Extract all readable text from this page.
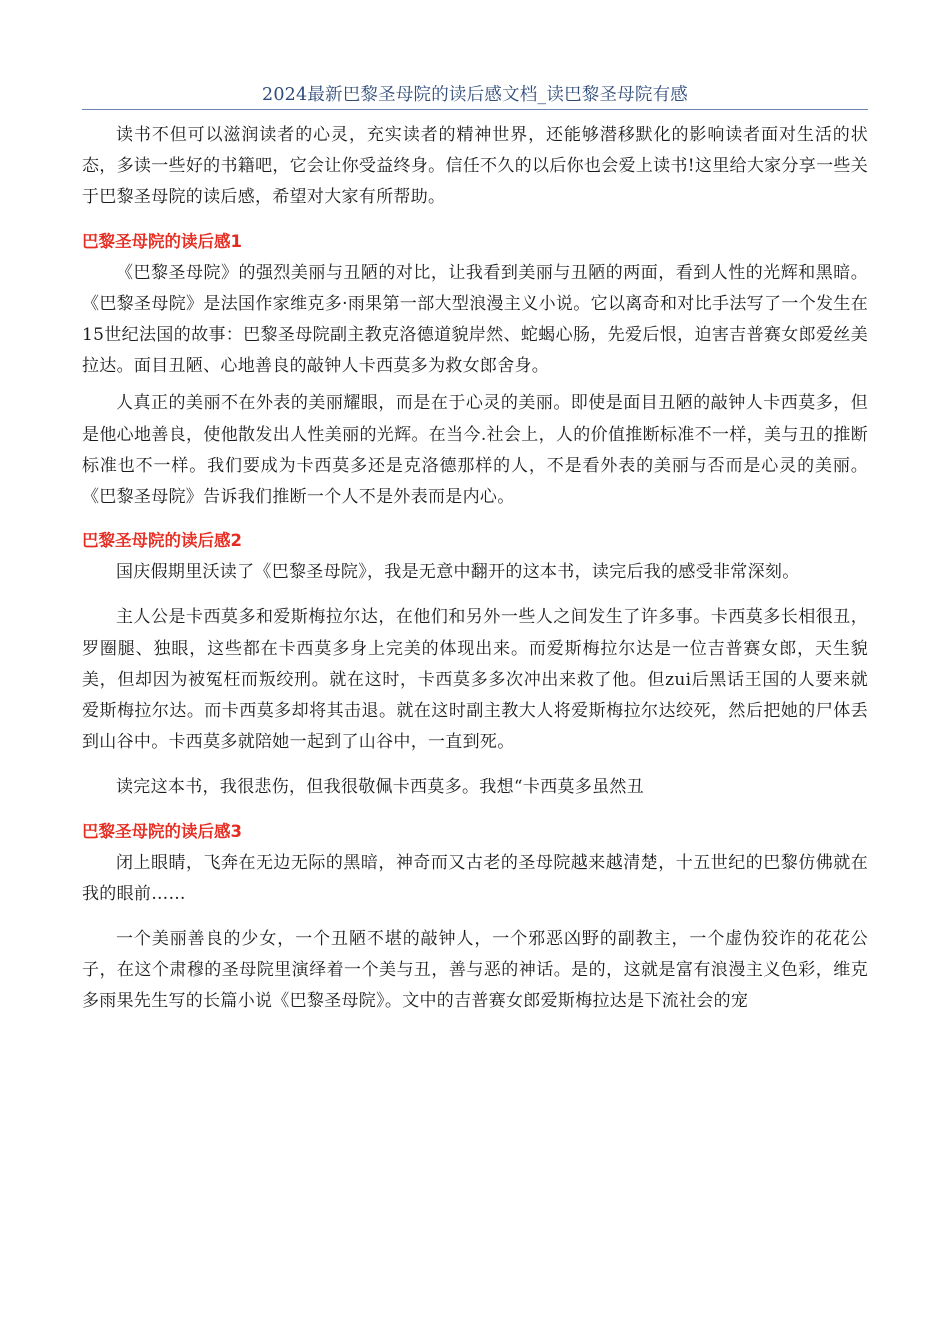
2024最新巴黎圣母院的读后感文档_读巴黎圣母院有感

读书不但可以滋润读者的心灵，充实读者的精神世界，还能够潜移默化的影响读者面对生活的状态，多读一些好的书籍吧，它会让你受益终身。信任不久的以后你也会爱上读书!这里给大家分享一些关于巴黎圣母院的读后感，希望对大家有所帮助。

巴黎圣母院的读后感1

《巴黎圣母院》的强烈美丽与丑陋的对比，让我看到美丽与丑陋的两面，看到人性的光辉和黑暗。《巴黎圣母院》是法国作家维克多·雨果第一部大型浪漫主义小说。它以离奇和对比手法写了一个发生在15世纪法国的故事：巴黎圣母院副主教克洛德道貌岸然、蛇蝎心肠，先爱后恨，迫害吉普赛女郎爱丝美拉达。面目丑陋、心地善良的敲钟人卡西莫多为救女郎舍身。

人真正的美丽不在外表的美丽耀眼，而是在于心灵的美丽。即使是面目丑陋的敲钟人卡西莫多，但是他心地善良，使他散发出人性美丽的光辉。在当今.社会上，人的价值推断标准不一样，美与丑的推断标准也不一样。我们要成为卡西莫多还是克洛德那样的人，不是看外表的美丽与否而是心灵的美丽。《巴黎圣母院》告诉我们推断一个人不是外表而是内心。

巴黎圣母院的读后感2

国庆假期里沃读了《巴黎圣母院》，我是无意中翻开的这本书，读完后我的感受非常深刻。

主人公是卡西莫多和爱斯梅拉尔达，在他们和另外一些人之间发生了许多事。卡西莫多长相很丑，罗圈腿、独眼，这些都在卡西莫多身上完美的体现出来。而爱斯梅拉尔达是一位吉普赛女郎，天生貌美，但却因为被冤枉而叛绞刑。就在这时，卡西莫多多次冲出来救了他。但zui后黑话王国的人要来就爱斯梅拉尔达。而卡西莫多却将其击退。就在这时副主教大人将爱斯梅拉尔达绞死，然后把她的尸体丢到山谷中。卡西莫多就陪她一起到了山谷中，一直到死。

读完这本书，我很悲伤，但我很敬佩卡西莫多。我想“卡西莫多虽然丑

巴黎圣母院的读后感3

闭上眼睛，飞奔在无边无际的黑暗，神奇而又古老的圣母院越来越清楚，十五世纪的巴黎仿佛就在我的眼前……

一个美丽善良的少女，一个丑陋不堪的敲钟人，一个邪恶凶野的副教主，一个虚伪狡诈的花花公子，在这个肃穆的圣母院里演绎着一个美与丑，善与恶的神话。是的，这就是富有浪漫主义色彩，维克多雨果先生写的长篇小说《巴黎圣母院》。文中的吉普赛女郎爱斯梅拉达是下流社会的宠
